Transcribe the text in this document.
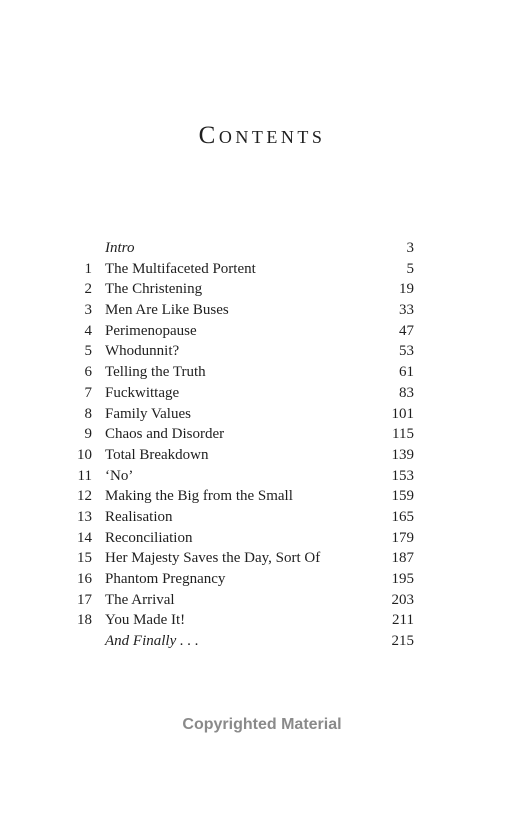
Contents
Intro	3
1 The Multifaceted Portent	5
2 The Christening	19
3 Men Are Like Buses	33
4 Perimenopause	47
5 Whodunnit?	53
6 Telling the Truth	61
7 Fuckwittage	83
8 Family Values	101
9 Chaos and Disorder	115
10 Total Breakdown	139
11 ‘No’	153
12 Making the Big from the Small	159
13 Realisation	165
14 Reconciliation	179
15 Her Majesty Saves the Day, Sort Of	187
16 Phantom Pregnancy	195
17 The Arrival	203
18 You Made It!	211
And Finally . . .	215
Copyrighted Material
